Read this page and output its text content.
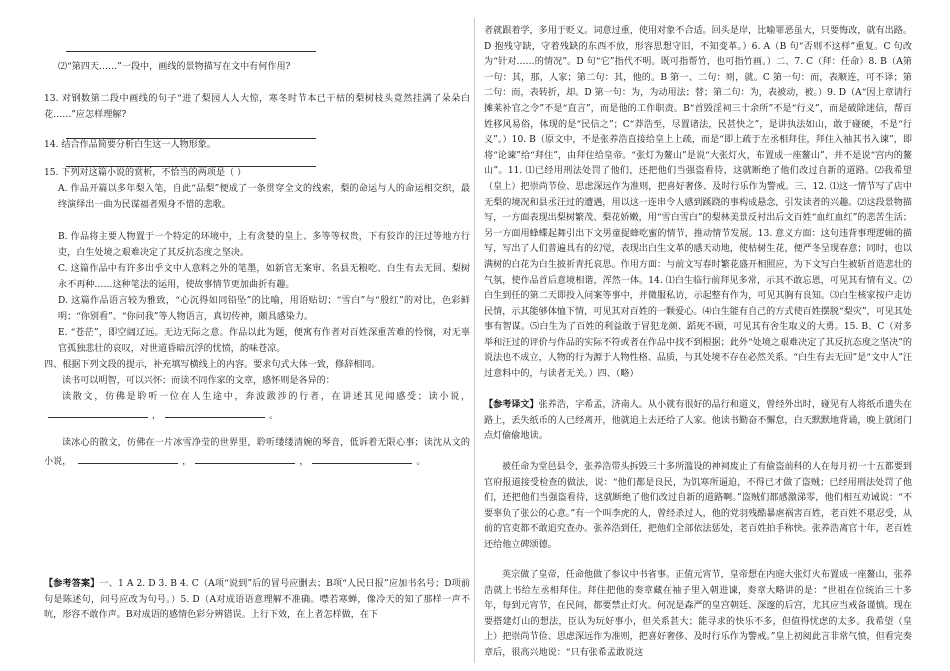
⑵“第四天……”一段中，画线的景物描写在文中有何作用?

13. 对钢数第二段中画线的句子“进了梨园人人大惊，寒冬时节本已干枯的梨树枝头竟然挂满了朵朵白花……”应怎样理解?

14. 结合作品简要分析白生这一人物形象。

15. 下列对这篇小说的赏析，不恰当的两项是（ ）

A. 作品开篇以多年梨入笔，自此“品梨”便成了一条贯穿全文的线索，梨的命运与人的命运相交织，最终演绎出一曲为民谋福者殒身不惜的悲歌。

B. 作品将主要人物置于一个特定的环境中，上有贪婪的皇上、多等等权贵，下有狡诈的汪过等地方行吏，白生处境之艰难决定了其反抗态度之坚决。

C. 这篇作品中有许多出乎文中人意料之外的笔墨，如新官无案审、名县无粮吃、白生有去无回、梨树永不再种……这种笔法的运用，使故事情节更加曲折有趣。

D. 这篇作品语言较为雅致，“心沉得如同铅坠”的比喻，用语贴切；“雪白”与“殷红”的对比，色彩鲜明；“你别看”、“你问我”等人物语言，真切传神，颇具感染力。

E. “苍茫”，即空阔辽远。无边无际之意。作品以此为题，便寓有作者对百姓深重苦难的怜悯，对无辜官孤独悲壮的哀叹，对世道昏暗沉浮的忧愤，韵味苍凉。

四、根据下列文段的提示，补充填写横线上的内容。要求句式大体一致，修辞相同。

读书可以明智，可以兴怀；而读不同作家的文章，感怀则是各异的：

读散文，仿佛是聆听一位在人生途中，奔波跋涉的行者，在讲述其见闻感受；读小说， ，	。

读冰心的散文，仿佛在一片冰雪净莹的世界里，聆听缕缕清婉的琴音，低诉着无限心事；读沈从文的小说，	，	，	。

【参考答案】一、1 A 2. D 3. B 4. C（A项“说到”后的冒号应删去；B项“人民日报”应加书名号；D项前句是陈述句，问号应改为句号。）5. D（A对成语语意理解不准确。噤若寒蝉，像冷天的知了那样一声不吭，形容不敢作声。B对成语的感情色彩分辨错误。上行下效，在上者怎样做，在下

者就跟着学，多用于贬义。词意过重，使用对象不合适。回头是岸，比喻罪恶虽大，只要悔改，就有出路。D 抱残守缺，守着残缺的东西不放，形容思想守旧，不知变革。）6. A（B 句“否则不这样”重复。C 句改为“针对……的情况”。D 句“它”指代不明。既可指帮竹，也可指竹画。）二、7. C（拜：任命）8. B（A第一句：其，那，人家；第二句：其，他的。B 第一、二句：则，就。C 第一句：而，表顺连，可不译；第二句：而，表转折，却。D 第一句：为，为动用法；替；第二句：为，表被动，被。）9. D（A“因上章请行摊莱补官之令”不是“直言”，而是他的工作职责。B“首毁淫祠三十余所”不是“行义”，而是破除迷信，帮百姓移风易俗，体现的是“民信之”；C“莽浩至，尽置诸法，民甚快之”，是讲执法如山，敢于碰硬，不是“行义”。）10. B（原文中，不是张养浩直接给皇上上疏，而是“即上疏于左丞相拜住，拜住入袖其书入谏”，即将“论谏”给“拜住”，由拜住给皇帝。“张灯为鳌山”是说“大张灯火，布置成一座鳌山”，并不是说“宫内的鳌山”。11. ⑴已经用刑法处罚了他们，还把他们当强盗看待，这就断绝了他们改过自新的道路。⑵我希望（皇上）把崇尚节俭、思虑深远作为准则，把喜好奢侈、及时行乐作为警戒。三、12. ⑴这一情节写了店中无梨的境况和县丞汪过的遭遇，用以这一连串令人感到蹊跷的事构成悬念，引发读者的兴趣。⑵这段景物描写，一方面表现出梨树繁茂、梨花娇嫩，用“雪白雪白”的梨林美景反衬出后文百姓“血红血红”的悲苦生活；另一方面用蜂蝶起舞引出下文男童捉蜂吃蜜的情节，推动情节发展。13. 意义方面：这句违背事理逻辑的描写，写出了人们普遍具有的幻觉，表现出白生文革的感天动地，使枯树生花，便严冬呈现春意；同时，也以满树的白花为白生披祈青托哀思。作用方面：与前文写春时繁花盛开相照应，为下文写白生被斩首造悲壮的气氛，使作品首后意境相谐，浑然一体。14. ⑴白生临行前拜见多常，示其不敢忘恩，可见其有情有义。⑵白生到任的第二天即投入问案等事中，并微服私访，示起整有作为，可见其胸有良知。⑶白生核家按户走访民情，示其能够体恤下情，可见其对百姓的一颗爱心。⑷白生能有自己的方式使百姓摆脱“梨灾”，可见其处事有智谋。⑸白生为了百姓的利益敢于冒犯龙颜、蹈死不顾，可见其有舍生取义的大勇。15. B、C（对多举和汪过的评价与作品的实际不符或者在作品中找不到根据；此外“处境之艰难决定了其反抗态度之坚决”的说法也不成立，人物的行为源于人物性格、品质，与其处境不存在必然关系。“白生有去无回”是“文中人”汪过意料中的，与读者无关。）四、（略）

【参考译文】张养浩，字希孟，济南人。从小就有很好的品行和道义，曾经外出时，碰见有人将纸币遗失在路上，丢失纸币的人已经离开，他就追上去还给了人家。他读书勤奋不懈怠，白天默默地背诵，晚上就闭门点灯偷偷地读。

被任命为堂邑县令，张养浩带头拆毁三十多所滥设的神祠废止了有偷盗前科的人在每月初一十五都要到官府报道接受检查的做法，说：“他们都是良民，为饥寒所逼迫，不得已才做了盗贼；已经用刑法处罚了他们，还把他们当强盗看待，这就断绝了他们改过自新的道路啊。”盗贼们都感激涕零，他们相互劝诫说：“不要辜负了张公的心意。”有一个叫李虎的人，曾经杀过人，他的党羽残酷暴虐祸害百姓，老百姓不堪忍受，从前的官吏都不敢追究查办。张养浩到任，把他们全部依法惩处，老百姓拍手称快。张养浩离官十年，老百姓还给他立碑颂德。

英宗做了皇帝，任命他做了参议中书省事。正值元宵节，皇帝想在内庭大张灯火布置成一座鳌山，张养浩就上书给左丞相拜住。拜住把他的奏章藏在袖子里入朝进谏，奏章大略讲的是：“世祖在位统治三十多年，每到元宵节，在民间，都要禁止灯火。何况是森严的皇宫朝廷、深邃的后宫，尤其应当戒备谨慎。现在要搭建灯山的想法，臣认为玩好事小，但关系甚大；能寻求的快乐不多，但值得忧虑的太多。我希望（皇上）把崇尚节俭、思虑深远作为准则，把喜好奢侈、及时行乐作为警戒。”皇上初阅此言非常气愤，但看完奏章后，很高兴地说：“只有张希孟敢说这
